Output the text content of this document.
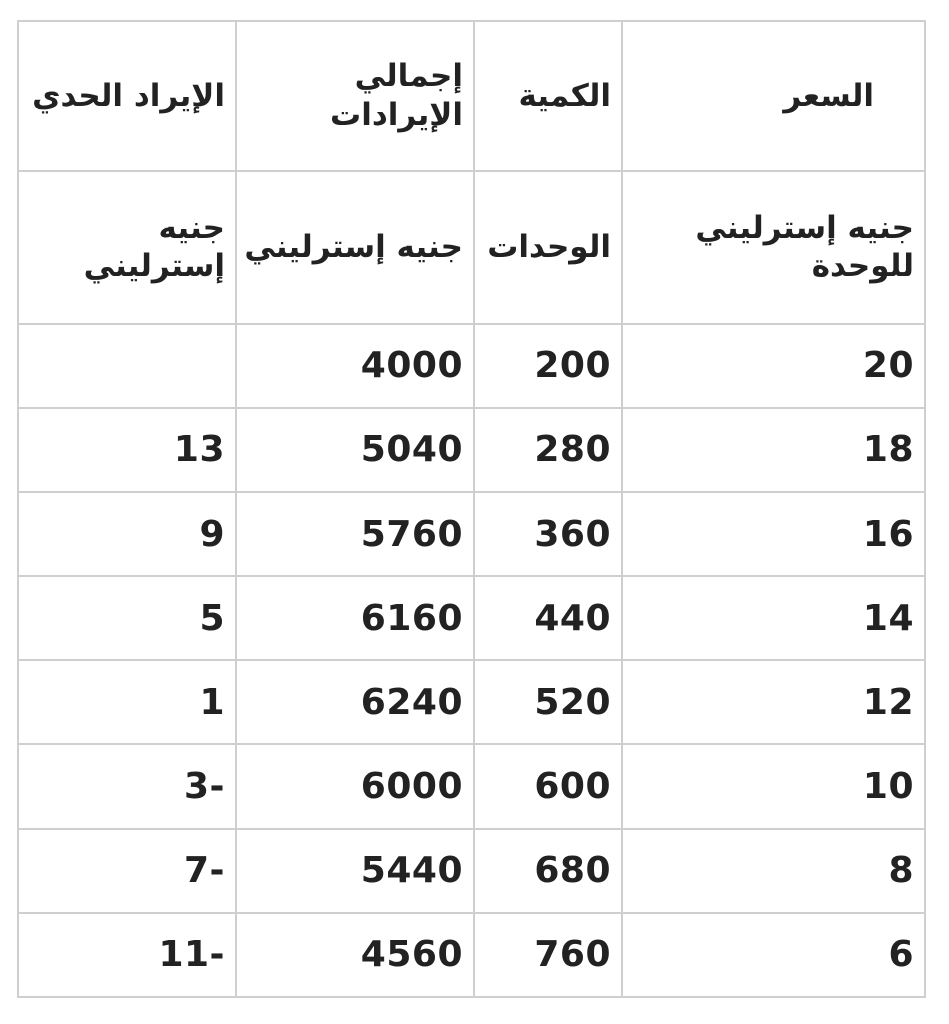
الإيراد الحدي	إجمالي الإيرادات	الكمية	السعر

جنيه إسترليني	جنيه إسترليني	الوحدات	جنيه إسترليني للوحدة

	4000	200	20

13	5040	280	18

9	5760	360	16

5	6160	440	14

1	6240	520	12

3-	6000	600	10

7-	5440	680	8

11-	4560	760	6
